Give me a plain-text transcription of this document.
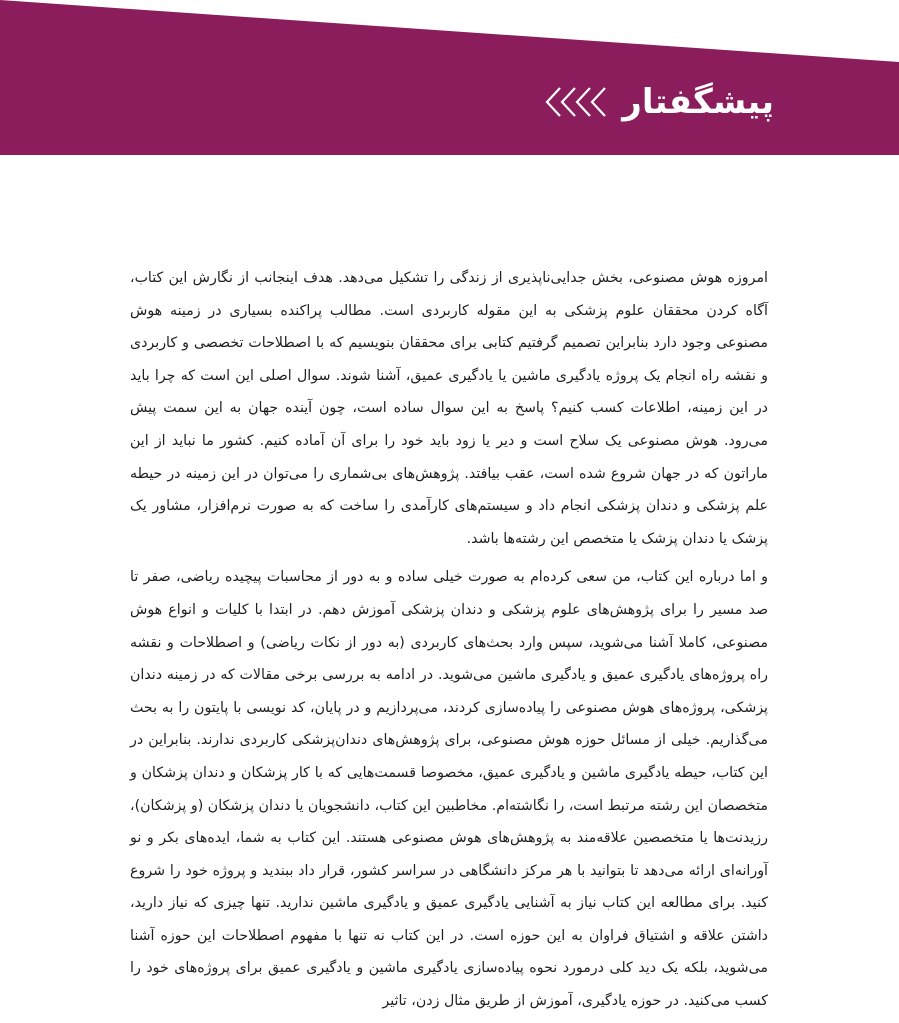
پیشگفتار

امروزه هوش مصنوعی، بخش جدایی‌ناپذیری از زندگی را تشکیل می‌دهد. هدف اینجانب از نگارش این کتاب، آگاه کردن محققان علوم پزشکی به این مقوله کاربردی است. مطالب پراکنده بسیاری در زمینه هوش مصنوعی وجود دارد بنابراین تصمیم گرفتیم کتابی برای محققان بنویسیم که با اصطلاحات تخصصی و کاربردی و نقشه راه انجام یک پروژه یادگیری ماشین یا یادگیری عمیق، آشنا شوند. سوال اصلی این است که چرا باید در این زمینه، اطلاعات کسب کنیم؟ پاسخ به این سوال ساده است، چون آینده جهان به این سمت پیش می‌رود. هوش مصنوعی یک سلاح است و دیر یا زود باید خود را برای آن آماده کنیم. کشور ما نباید از این ماراتون که در جهان شروع شده است، عقب بیافتد. پژوهش‌های بی‌شماری را می‌توان در این زمینه در حیطه علم پزشکی و دندان پزشکی انجام داد و سیستم‌های کارآمدی را ساخت که به صورت نرم‌افزار، مشاور یک پزشک یا دندان پزشک یا متخصص این رشته‌ها باشد.

و اما درباره این کتاب، من سعی کرده‌ام به صورت خیلی ساده و به دور از محاسبات پیچیده ریاضی، صفر تا صد مسیر را برای پژوهش‌های علوم پزشکی و دندان پزشکی آموزش دهم. در ابتدا با کلیات و انواع هوش مصنوعی، کاملا آشنا می‌شوید، سپس وارد بحث‌های کاربردی (به دور از نکات ریاضی) و اصطلاحات و نقشه راه پروژه‌های یادگیری عمیق و یادگیری ماشین می‌شوید. در ادامه به بررسی برخی مقالات که در زمینه دندان پزشکی، پروژه‌های هوش مصنوعی را پیاده‌سازی کردند، می‌پردازیم و در پایان، کد نویسی با پایتون را به بحث می‌گذاریم. خیلی از مسائل حوزه هوش مصنوعی، برای پژوهش‌های دندان‌پزشکی کاربردی ندارند. بنابراین در این کتاب، حیطه یادگیری ماشین و یادگیری عمیق، مخصوصا قسمت‌هایی که با کار پزشکان و دندان پزشکان و متخصصان این رشته مرتبط است، را نگاشته‌ام. مخاطبین این کتاب، دانشجویان یا دندان پزشکان (و پزشکان)، رزیدنت‌ها یا متخصصین علاقه‌مند به پژوهش‌های هوش مصنوعی هستند. این کتاب به شما، ایده‌های بکر و نو آورانه‌ای ارائه می‌دهد تا بتوانید با هر مرکز دانشگاهی در سراسر کشور، قرار داد ببندید و پروژه خود را شروع کنید. برای مطالعه این کتاب نیاز به آشنایی یادگیری عمیق و یادگیری ماشین ندارید. تنها چیزی که نیاز دارید، داشتن علاقه و اشتیاق فراوان به این حوزه است. در این کتاب نه تنها با مفهوم اصطلاحات این حوزه آشنا می‌شوید، بلکه یک دید کلی درمورد نحوه پیاده‌سازی یادگیری ماشین و یادگیری عمیق برای پروژه‌های خود را کسب می‌کنید. در حوزه یادگیری، آموزش از طریق مثال زدن، تاثیر
